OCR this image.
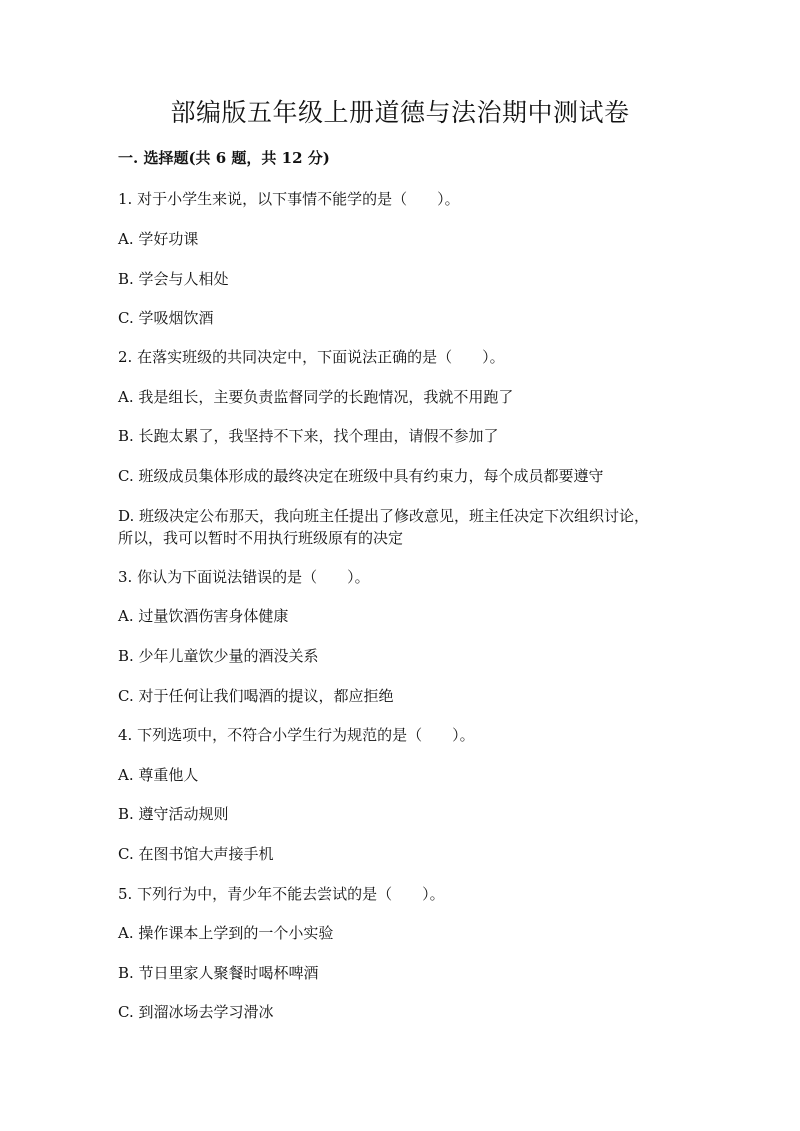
部编版五年级上册道德与法治期中测试卷
一. 选择题(共 6 题，共 12 分)
1. 对于小学生来说，以下事情不能学的是（　　）。
A. 学好功课
B. 学会与人相处
C. 学吸烟饮酒
2. 在落实班级的共同决定中，下面说法正确的是（　　）。
A. 我是组长，主要负责监督同学的长跑情况，我就不用跑了
B. 长跑太累了，我坚持不下来，找个理由，请假不参加了
C. 班级成员集体形成的最终决定在班级中具有约束力，每个成员都要遵守
D. 班级决定公布那天，我向班主任提出了修改意见，班主任决定下次组织讨论，所以，我可以暂时不用执行班级原有的决定
3. 你认为下面说法错误的是（　　）。
A. 过量饮酒伤害身体健康
B. 少年儿童饮少量的酒没关系
C. 对于任何让我们喝酒的提议，都应拒绝
4. 下列选项中，不符合小学生行为规范的是（　　）。
A. 尊重他人
B. 遵守活动规则
C. 在图书馆大声接手机
5. 下列行为中，青少年不能去尝试的是（　　）。
A. 操作课本上学到的一个小实验
B. 节日里家人聚餐时喝杯啤酒
C. 到溜冰场去学习滑冰
